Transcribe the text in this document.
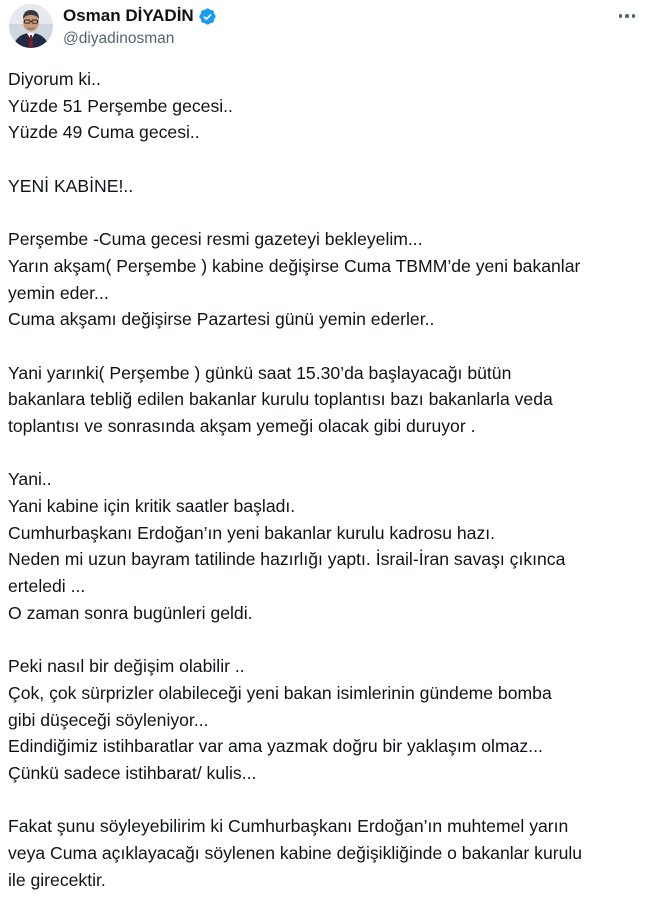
Osman DİYADİN
@diyadinosman
Diyorum ki..
Yüzde 51 Perşembe gecesi..
Yüzde 49 Cuma gecesi..
YENİ KABİNE!..
Perşembe -Cuma gecesi resmi gazeteyi bekleyelim...
Yarın akşam( Perşembe ) kabine değişirse Cuma TBMM’de yeni bakanlar
yemin eder...
Cuma akşamı değişirse Pazartesi günü yemin ederler..
Yani yarınki( Perşembe ) günkü saat 15.30’da başlayacağı bütün
bakanlara tebliğ edilen bakanlar kurulu toplantısı bazı bakanlarla veda
toplantısı ve sonrasında akşam yemeği olacak gibi duruyor .
Yani..
Yani kabine için kritik saatler başladı.
Cumhurbaşkanı Erdoğan’ın yeni bakanlar kurulu kadrosu hazı.
Neden mi uzun bayram tatilinde hazırlığı yaptı. İsrail-İran savaşı çıkınca
erteledi ...
O zaman sonra bugünleri geldi.
Peki nasıl bir değişim olabilir ..
Çok, çok sürprizler olabileceği yeni bakan isimlerinin gündeme bomba
gibi düşeceği söyleniyor...
Edindiğimiz istihbaratlar var ama yazmak doğru bir yaklaşım olmaz...
Çünkü sadece istihbarat/ kulis...
Fakat şunu söyleyebilirim ki Cumhurbaşkanı Erdoğan’ın muhtemel yarın
veya Cuma açıklayacağı söylenen kabine değişikliğinde o bakanlar kurulu
ile girecektir.
